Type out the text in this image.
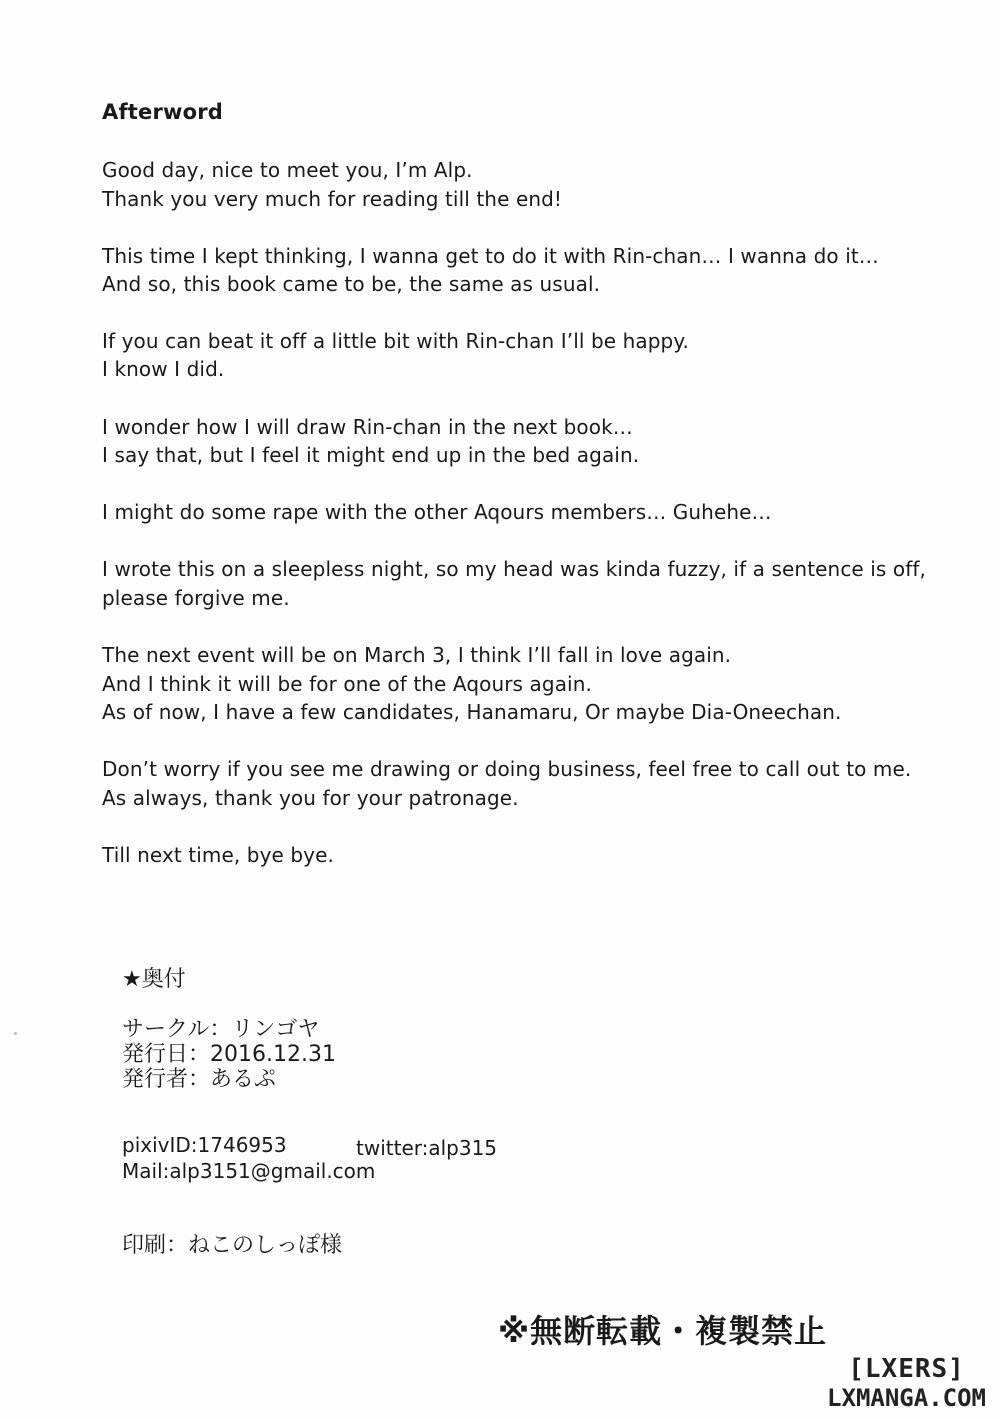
Afterword
Good day, nice to meet you, I’m Alp.
Thank you very much for reading till the end!
This time I kept thinking, I wanna get to do it with Rin-chan… I wanna do it…
And so, this book came to be, the same as usual.
If you can beat it off a little bit with Rin-chan I’ll be happy.
I know I did.
I wonder how I will draw Rin-chan in the next book…
I say that, but I feel it might end up in the bed again.
I might do some rape with the other Aqours members… Guhehe…
I wrote this on a sleepless night, so my head was kinda fuzzy, if a sentence is off,
please forgive me.
The next event will be on March 3, I think I’ll fall in love again.
And I think it will be for one of the Aqours again.
As of now, I have a few candidates, Hanamaru, Or maybe Dia-Oneechan.
Don’t worry if you see me drawing or doing business, feel free to call out to me.
As always, thank you for your patronage.
Till next time, bye bye.
★奥付
サークル：リンゴヤ
発行日：2016.12.31
発行者：あるぷ
pixivID:1746953	twitter:alp315
Mail:alp3151@gmail.com
印刷：ねこのしっぽ様
※無断転載・複製禁止
[LXERS]
LXMANGA.COM
